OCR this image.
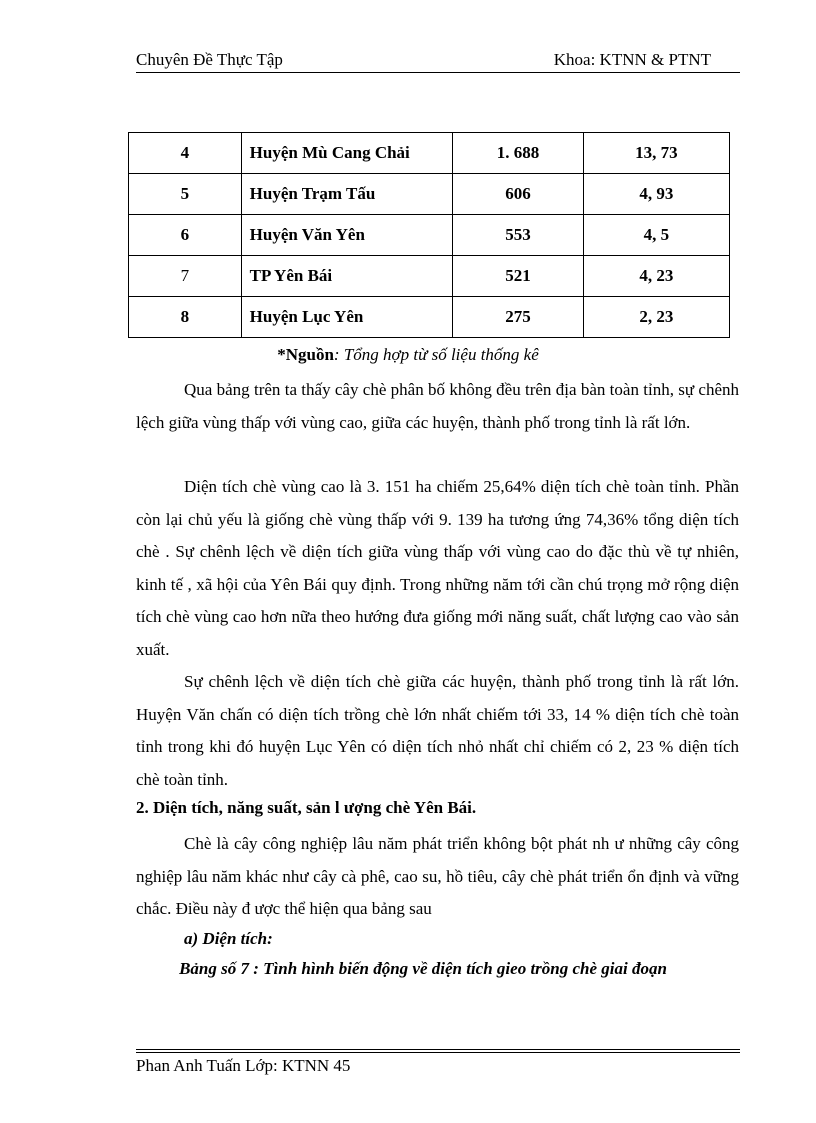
Chuyên Đề Thực Tập	Khoa: KTNN & PTNT
4	Huyện Mù Cang Chải	1. 688	13, 73
5	Huyện Trạm Tấu	606	4, 93
6	Huyện Văn Yên	553	4, 5
7	TP Yên Bái	521	4, 23
8	Huyện Lục Yên	275	2, 23
*Nguồn: Tổng hợp từ số liệu thống kê
Qua bảng trên ta thấy cây chè phân bố không đều trên địa bàn toàn tỉnh, sự chênh lệch giữa vùng thấp với vùng cao, giữa các huyện, thành phố trong tỉnh là rất lớn.
Diện tích chè vùng cao là 3. 151 ha chiếm 25,64% diện tích chè toàn tỉnh. Phần còn lại chủ yếu là giống chè vùng thấp với 9. 139 ha tương ứng 74,36% tổng diện tích chè . Sự chênh lệch về diện tích giữa vùng thấp với vùng cao do đặc thù về tự nhiên, kinh tế , xã hội của Yên Bái quy định. Trong những năm tới cần chú trọng mở rộng diện tích chè vùng cao hơn nữa theo hướng đưa giống mới năng suất, chất lượng cao vào sản xuất.
Sự chênh lệch về diện tích chè giữa các huyện, thành phố trong tỉnh là rất lớn. Huyện Văn chấn có diện tích trồng chè lớn nhất chiếm tới 33, 14 % diện tích chè toàn tỉnh trong khi đó huyện Lục Yên có diện tích nhỏ nhất chỉ chiếm có 2, 23 % diện tích chè toàn tỉnh.
2. Diện tích, năng suất, sản l ượng chè Yên Bái.
Chè là cây công nghiệp lâu năm phát triển không bột phát nh ư những cây công nghiệp lâu năm khác như cây cà phê, cao su, hồ tiêu, cây chè phát triển ổn định và vững chắc. Điều này đ ược thể hiện qua bảng sau
a) Diện tích:
Bảng số 7 : Tình hình biến động về diện tích gieo trồng chè giai đoạn
Phan Anh Tuấn Lớp: KTNN 45
